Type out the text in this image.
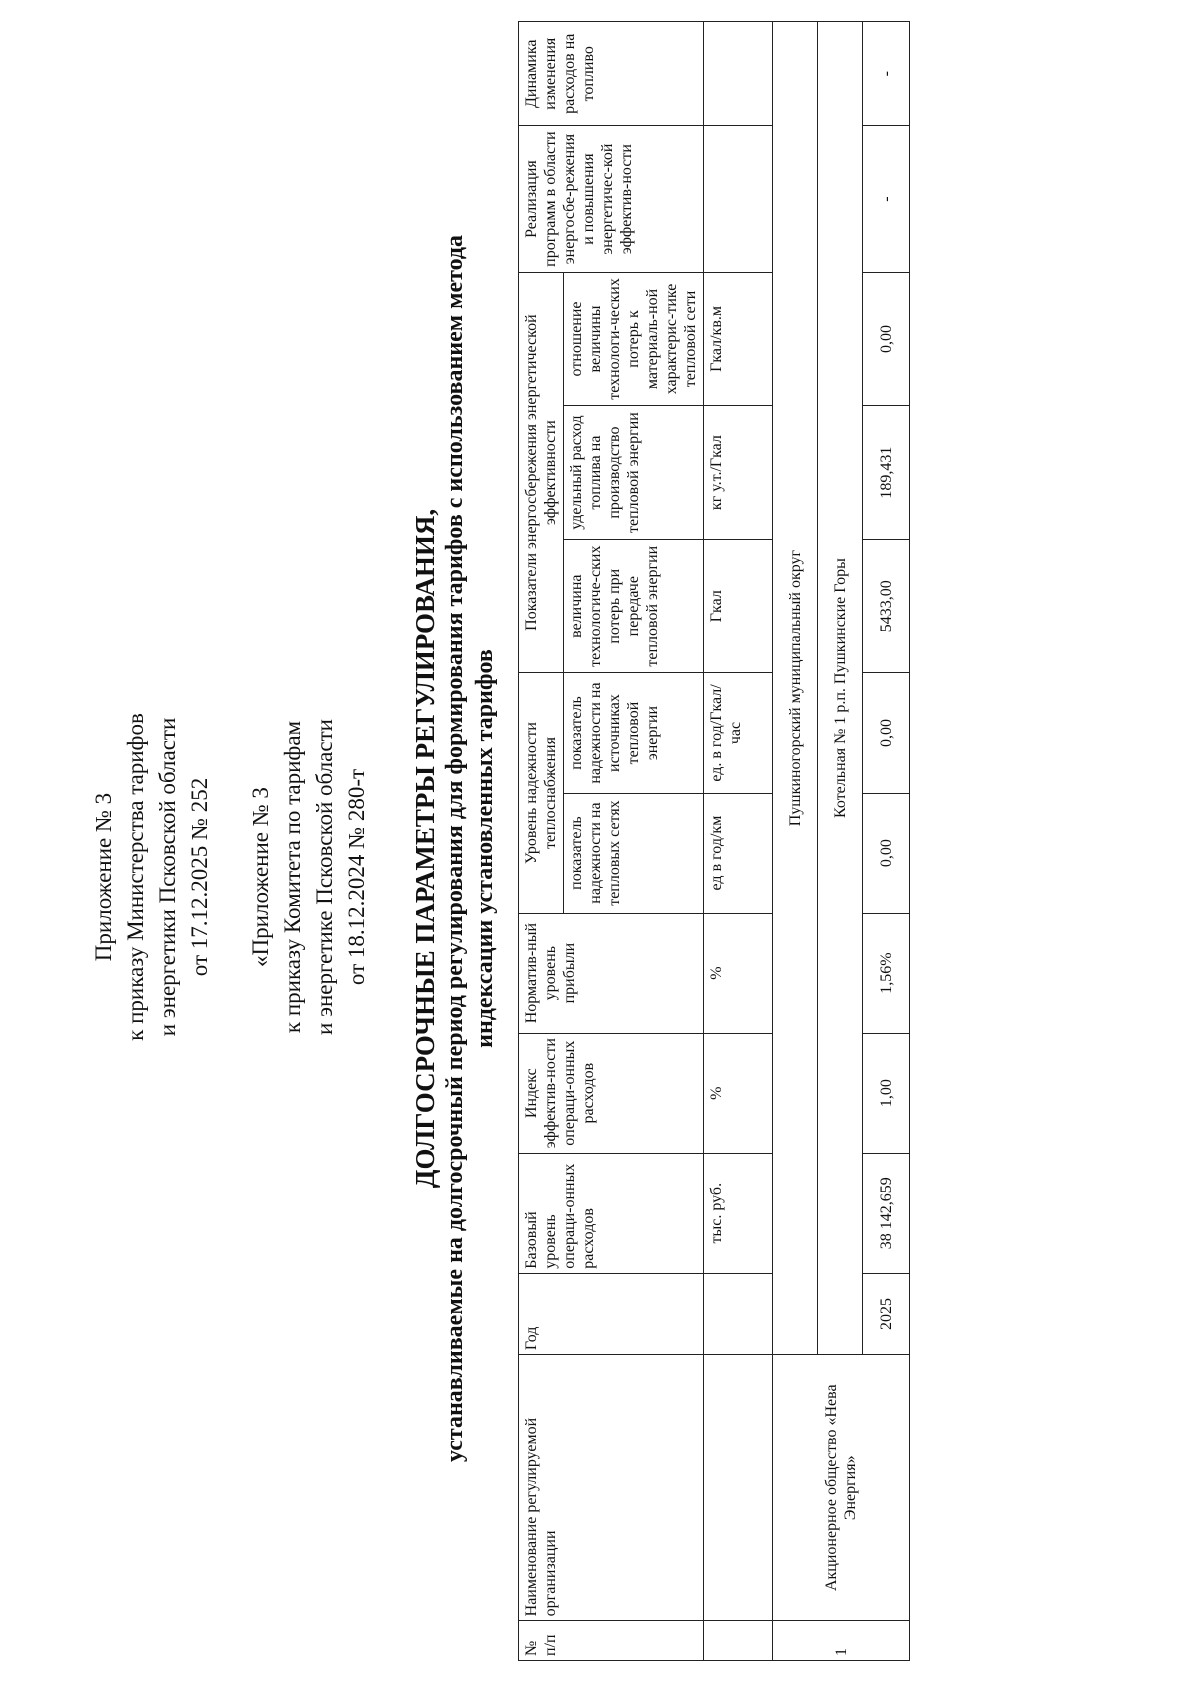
Приложение № 3 к приказу Министерства тарифов и энергетики Псковской области от 17.12.2025 № 252 «Приложение № 3 к приказу Комитета по тарифам и энергетике Псковской области от 18.12.2024 № 280-т ДОЛГОСРОЧНЫЕ ПАРАМЕТРЫ РЕГУЛИРОВАНИЯ, устанавливаемые на долгосрочный период регулирования для формирования тарифов с использованием метода индексации установленных тарифов
№ п/п	Наименование регулируемой организации	Год	Базовый уровень операци-онных расходов	Индекс эффектив-ности операци-онных расходов	Норматив-ный уровень прибыли	Уровень надежности теплоснабжения		Показатели энергосбережения энергетической эффективности			Реализация программ в области энергосбе-режения и повышения энергетичес-кой эффектив-ности	Динамика изменения расходов на топливо
						показатель надежности на тепловых сетях	показатель надежности на источниках тепловой энергии	величина технологиче-ских потерь при передаче тепловой энергии	удельный расход топлива на производство тепловой энергии	отношение величины технологи-ческих потерь к материаль-ной характерис-тике тепловой сети		
			тыс. руб.	%	%	ед в год/км	ед. в год/Гкал/час	Гкал	кг у.т./Гкал	Гкал/кв.м		
1	Акционерное общество «Нева Энергия»	Пушкиногорский муниципальный округ										
		Котельная № 1 р.п. Пушкинские Горы										
		2025	38 142,659	1,00	1,56%	0,00	0,00	5433,00	189,431	0,00	-	-
